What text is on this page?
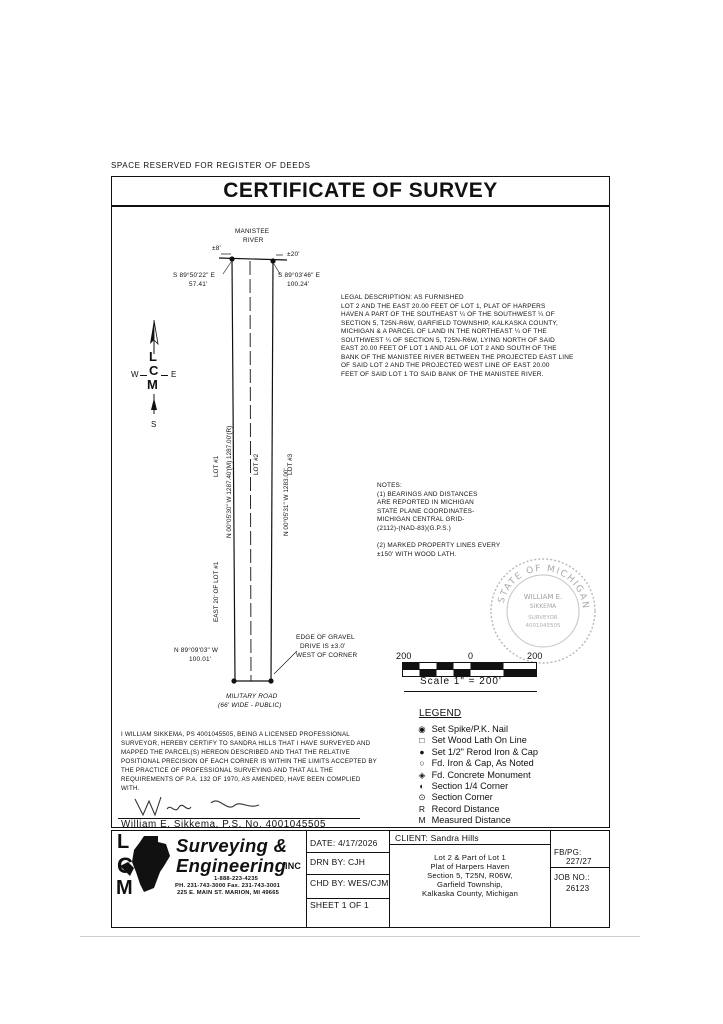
SPACE RESERVED FOR REGISTER OF DEEDS
CERTIFICATE OF SURVEY
MANISTEE
RIVER
±8'
±20'
S 89°50'22" E
57.41'
S 89°03'46" E
100.24'
N 00°05'30" W 1287.40'(M) 1287.00'(R)	N 00°05'31" W 1283.00'
LOT #1	LOT #2	LOT #3
EAST 20' OF LOT #1
N 89°09'03" W
100.01'
EDGE OF GRAVEL
DRIVE IS ±3.0'
WEST OF CORNER
MILITARY ROAD
(66' WIDE - PUBLIC)
L
C
M
W	E
S
LEGAL DESCRIPTION: AS FURNISHED
LOT 2 AND THE EAST 20.00 FEET OF LOT 1, PLAT OF HARPERS
HAVEN A PART OF THE SOUTHEAST ¼ OF THE SOUTHWEST ¼ OF
SECTION 5, T25N-R6W, GARFIELD TOWNSHIP, KALKASKA COUNTY,
MICHIGAN & A PARCEL OF LAND IN THE NORTHEAST ¼ OF THE
SOUTHWEST ¼ OF SECTION 5, T25N-R6W, LYING NORTH OF SAID
EAST 20.00 FEET OF LOT 1 AND ALL OF LOT 2 AND SOUTH OF THE
BANK OF THE MANISTEE RIVER BETWEEN THE PROJECTED EAST LINE
OF SAID LOT 2 AND THE PROJECTED WEST LINE OF EAST 20.00
FEET OF SAID LOT 1 TO SAID BANK OF THE MANISTEE RIVER.
NOTES:
(1) BEARINGS AND DISTANCES
ARE REPORTED IN MICHIGAN
STATE PLANE COORDINATES-
MICHIGAN CENTRAL GRID-
(2112)-(NAD-83)(G.P.S.)
(2) MARKED PROPERTY LINES EVERY
±150' WITH WOOD LATH.
STATE OF MICHIGAN
WILLIAM E.
SIKKEMA
SURVEYOR
4001045505
200	0	200
Scale 1" = 200'
LEGEND
◉ Set Spike/P.K. Nail
□ Set Wood Lath On Line
● Set 1/2" Rerod Iron & Cap
○ Fd. Iron & Cap, As Noted
◈ Fd. Concrete Monument
◐ Section 1/4 Corner
⊙ Section Corner
R Record Distance
M Measured Distance
I WILLIAM SIKKEMA, PS 4001045505, BEING A LICENSED PROFESSIONAL
SURVEYOR, HEREBY CERTIFY TO SANDRA HILLS THAT I HAVE SURVEYED AND
MAPPED THE PARCEL(S) HEREON DESCRIBED AND THAT THE RELATIVE
POSITIONAL PRECISION OF EACH CORNER IS WITHIN THE LIMITS ACCEPTED BY
THE PRACTICE OF PROFESSIONAL SURVEYING AND THAT ALL THE
REQUIREMENTS OF P.A. 132 OF 1970, AS AMENDED, HAVE BEEN COMPLIED
WITH.
William E. Sikkema, P.S. No. 4001045505
L
C
M
Surveying &
Engineering
INC
1-888-223-4235
PH. 231-743-3000 Fax. 231-743-3001
225 E. MAIN ST. MARION, MI 49665
DATE: 4/17/2026
DRN BY: CJH
CHD BY: WES/CJM
SHEET 1 OF 1
CLIENT: Sandra Hills
Lot 2 & Part of Lot 1
Plat of Harpers Haven
Section 5, T25N, R06W,
Garfield Township,
Kalkaska County, Michigan
FB/PG:
227/27
JOB NO.:
26123
